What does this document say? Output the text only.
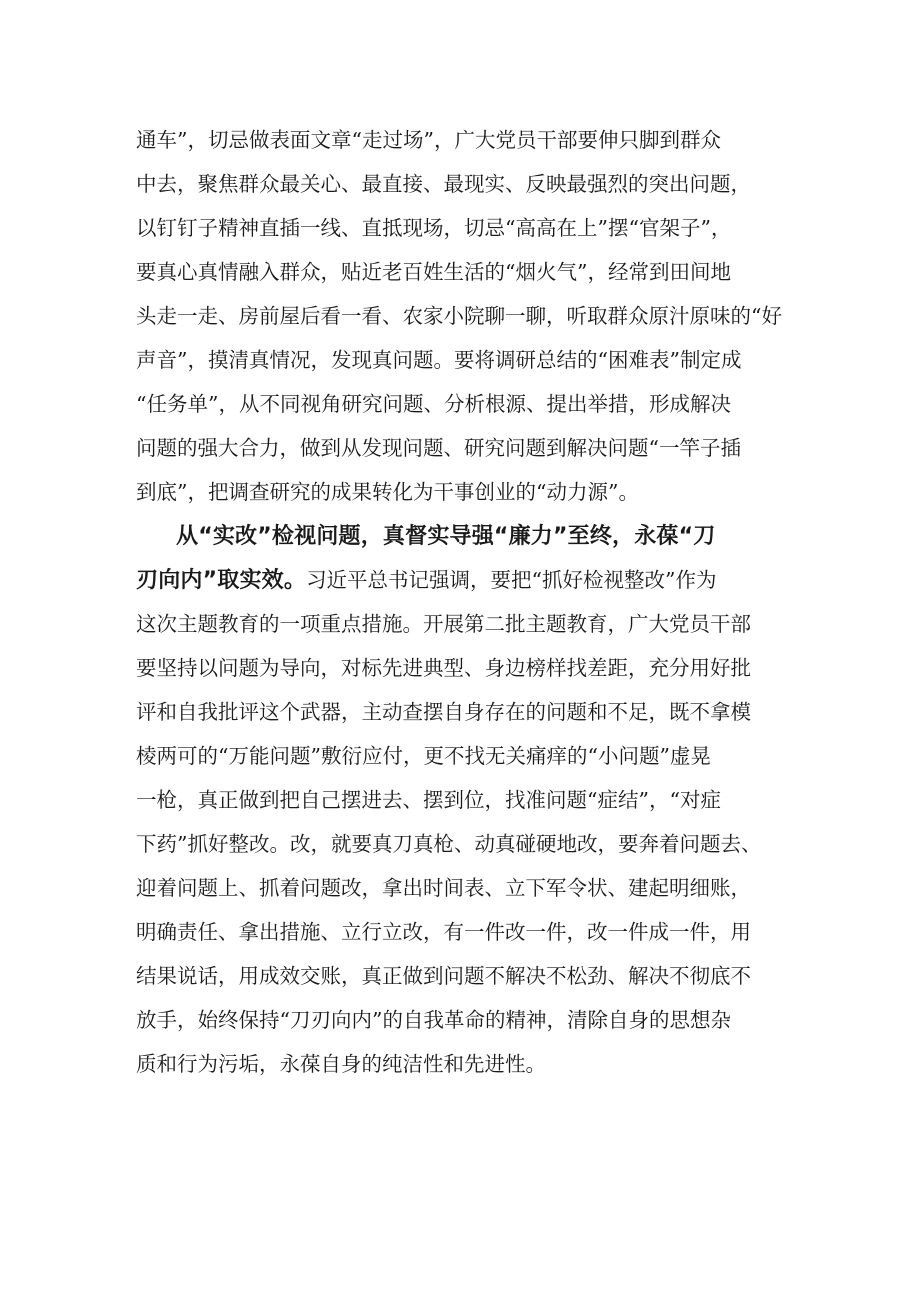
通车”，切忌做表面文章“走过场”，广大党员干部要伸只脚到群众
中去，聚焦群众最关心、最直接、最现实、反映最强烈的突出问题，
以钉钉子精神直插一线、直抵现场，切忌“高高在上”摆“官架子”，
要真心真情融入群众，贴近老百姓生活的“烟火气”，经常到田间地
头走一走、房前屋后看一看、农家小院聊一聊，听取群众原汁原味的“好
声音”，摸清真情况，发现真问题。要将调研总结的“困难表”制定成
“任务单”，从不同视角研究问题、分析根源、提出举措，形成解决
问题的强大合力，做到从发现问题、研究问题到解决问题“一竿子插
到底”，把调查研究的成果转化为干事创业的“动力源”。
从“实改”检视问题，真督实导强“廉力”至终，永葆“刀
刃向内”取实效。习近平总书记强调，要把“抓好检视整改”作为
这次主题教育的一项重点措施。开展第二批主题教育，广大党员干部
要坚持以问题为导向，对标先进典型、身边榜样找差距，充分用好批
评和自我批评这个武器，主动查摆自身存在的问题和不足，既不拿模
棱两可的“万能问题”敷衍应付，更不找无关痛痒的“小问题”虚晃
一枪，真正做到把自己摆进去、摆到位，找准问题“症结”，“对症
下药”抓好整改。改，就要真刀真枪、动真碰硬地改，要奔着问题去、
迎着问题上、抓着问题改，拿出时间表、立下军令状、建起明细账，
明确责任、拿出措施、立行立改，有一件改一件，改一件成一件，用
结果说话，用成效交账，真正做到问题不解决不松劲、解决不彻底不
放手，始终保持“刀刃向内”的自我革命的精神，清除自身的思想杂
质和行为污垢，永葆自身的纯洁性和先进性。
